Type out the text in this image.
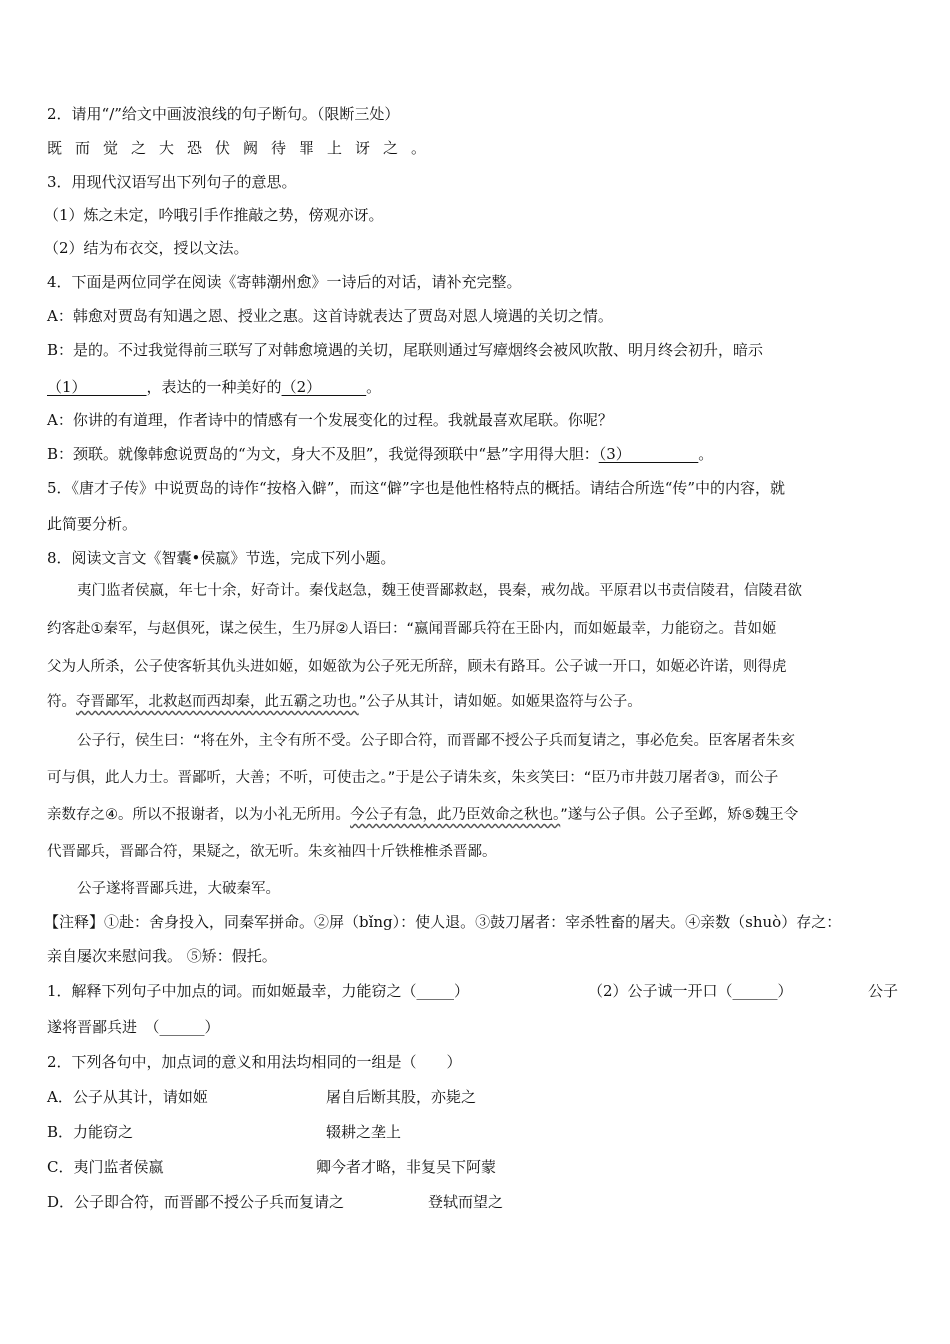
2．请用“/”给文中画波浪线的句子断句。（限断三处）
既而觉之大恐伏阙待罪上讶之。
3．用现代汉语写出下列句子的意思。
（1）炼之未定，吟哦引手作推敲之势，傍观亦讶。
（2）结为布衣交，授以文法。
4．下面是两位同学在阅读《寄韩潮州愈》一诗后的对话，请补充完整。
A：韩愈对贾岛有知遇之恩、授业之惠。这首诗就表达了贾岛对恩人境遇的关切之情。
B：是的。不过我觉得前三联写了对韩愈境遇的关切，尾联则通过写瘴烟终会被风吹散、明月终会初升，暗示
（1）________，表达的一种美好的（2）______。
A：你讲的有道理，作者诗中的情感有一个发展变化的过程。我就最喜欢尾联。你呢？
B：颈联。就像韩愈说贾岛的“为文，身大不及胆”，我觉得颈联中“悬”字用得大胆：（3）_________。
5．《唐才子传》中说贾岛的诗作“按格入僻”，而这“僻”字也是他性格特点的概括。请结合所选“传”中的内容，就
此简要分析。
8．阅读文言文《智囊•侯嬴》节选，完成下列小题。
夷门监者侯嬴，年七十余，好奇计。秦伐赵急，魏王使晋鄙救赵，畏秦，戒勿战。平原君以书责信陵君，信陵君欲
约客赴①秦军，与赵俱死，谋之侯生，生乃屏②人语曰：“嬴闻晋鄙兵符在王卧内，而如姬最幸，力能窃之。昔如姬
父为人所杀，公子使客斩其仇头进如姬，如姬欲为公子死无所辞，顾未有路耳。公子诚一开口，如姬必许诺，则得虎
符。夺晋鄙军，北救赵而西却秦，此五霸之功也。”公子从其计，请如姬。如姬果盗符与公子。
公子行，侯生曰：“将在外，主令有所不受。公子即合符，而晋鄙不授公子兵而复请之，事必危矣。臣客屠者朱亥
可与俱，此人力士。晋鄙听，大善；不听，可使击之。”于是公子请朱亥，朱亥笑曰：“臣乃市井鼓刀屠者③，而公子
亲数存之④。所以不报谢者，以为小礼无所用。今公子有急，此乃臣效命之秋也。”遂与公子俱。公子至邺，矫⑤魏王令
代晋鄙兵，晋鄙合符，果疑之，欲无听。朱亥袖四十斤铁椎椎杀晋鄙。
公子遂将晋鄙兵进，大破秦军。
【注释】①赴：舍身投入，同秦军拼命。②屏（bǐng）：使人退。③鼓刀屠者：宰杀牲畜的屠夫。④亲数（shuò）存之：
亲自屡次来慰问我。 ⑤矫：假托。
1．解释下列句子中加点的词。而如姬最幸，力能窃之（_____）	（2）公子诚一开口（______）	公子
遂将晋鄙兵进　（______）
2．下列各句中，加点词的意义和用法均相同的一组是（　　）
A．公子从其计，请如姬	屠自后断其股，亦毙之
B．力能窃之	辍耕之垄上
C．夷门监者侯嬴	卿今者才略，非复吴下阿蒙
D．公子即合符，而晋鄙不授公子兵而复请之	登轼而望之
